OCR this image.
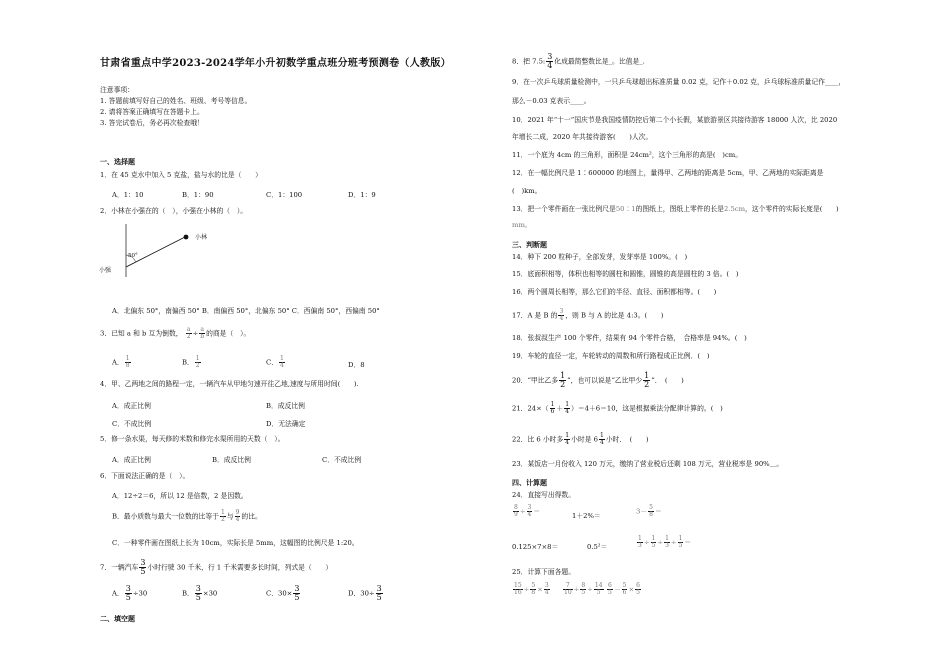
甘肃省重点中学2023-2024学年小升初数学重点班分班考预测卷（人教版）
注意事项：
1. 答题前填写好自己的姓名、班级、考号等信息。
2. 请将答案正确填写在答题卡上。
3. 答完试卷后，务必再次检查哦！
一、选择题
1．在 45 克水中加入 5 克盐，盐与水的比是（　　）
A．1：10	B．1：90	C．1：100	D．1：9
2．小林在小强在的（　），小强在小林的（　）。
小林
小强
50°
A．北偏东 50°，南偏西 50° B．南偏西 50°，北偏东 50° C．西偏南 50°，西偏南 50°
3．已知 a 和 b 互为倒数， $\frac{a}{2} \div \frac{a}{b}$ 的商是（　）。
A． $\frac{1}{8}$	B． $\frac{1}{2}$	C． $\frac{1}{4}$	D．8
4．甲、乙两地之间的路程一定，一辆汽车从甲地匀速开往乙地,速度与所用时间(　　).
A．成正比例	B．成反比例
C．不成比例	D．无法确定
5．修一条水渠，每天修的米数和修完水渠所用的天数（　）。
A．成正比例	B．成反比例	C．不成比例
6．下面说法正确的是（　）。
A．12÷2＝6，所以 12 是倍数，2 是因数。
B．最小质数与最大一位数的比等于 $\frac{1}{2}$ 与 $\frac{9}{4}$ 的比。
C．一种零件画在图纸上长为 10cm，实际长是 5mm，这幅图的比例尺是 1:20。
7．一辆汽车 $\frac{3}{5}$ 小时行驶 30 千米，行 1 千米需要多长时间，列式是（　　）
A． $\frac{3}{5} \div 30$	B． $\frac{3}{5} \times 30$	C．$30\times \frac{3}{5}$	D．$30\div \frac{3}{5}$
二、填空题
8．把 7.5: $\frac{3}{4}$ 化成最简整数比是_。比值是_.
9．在一次乒乓球质量检测中，一只乒乓球超出标准质量 0.02 克，记作＋0.02 克，乒乓球标准质量记作____，
那么－0.03 克表示____。
10．2021 年“十一”国庆节是我国疫情防控后第二个小长假，某旅游景区共接待游客 18000 人次，比 2020
年增长二成，2020 年共接待游客(　　)人次。
11．一个底为 4cm 的三角形，面积是 24cm²，这个三角形的高是(　)cm。
12．在一幅比例尺是 1∶600000 的地图上，量得甲、乙两地的距离是 5cm，甲、乙两地的实际距离是
(　)km。
13．把一个零件画在一张比例尺是50∶1的图纸上，图纸上零件的长是2.5cm，这个零件的实际长度是(　　)
mm。
三、判断题
14．种下 200 粒种子，全部发芽，发芽率是 100%。(　)
15．底面积相等，体积也相等的圆柱和圆锥，圆锥的高是圆柱的 3 倍。(　)
16．两个圆周长相等，那么它们的半径、直径、面积都相等。(　　)
17．A 是 B 的 $\frac{3}{4}$ ，则 B 与 A 的比是 4:3。(　　)
18．张叔叔生产 100 个零件，结果有 94 个零件合格，　合格率是 94%。(　)
19．车轮的直径一定，车轮转动的周数和所行路程成正比例．(　)
20．“甲比乙多 $\frac{1}{2}$ ”，也可以说是“乙比甲少 $\frac{1}{2}$ ”．　(　　)
21．$24\times( \frac{1}{6} + \frac{1}{4} )=4+6=10$，这是根据乘法分配律计算的。(　)
22．比 6 小时多 $\frac{1}{4}$ 小时是 $6 \frac{1}{4}$ 小时．　(　　)
23．某饭店一月份收入 120 万元，缴纳了营业税后还剩 108 万元，营业税率是 90%＿。
四、计算题
24．直接写出得数。
$\frac{8}{9} \div \frac{3}{4}$ ＝
1＋2%＝
$3- \frac{5}{8}$ ＝
0.125×7×8＝	0.5²＝	$\frac{1}{3} \div \frac{1}{5} \div \frac{1}{3} \div \frac{1}{5}$ ＝
25．计算下面各题。
$\frac{15}{16} \div \frac{5}{8} \times \frac{3}{4} \frac{7}{10} \div \frac{8}{5} \div \frac{14}{5} \frac{6}{5} - \frac{5}{6} \times \frac{6}{5}$
